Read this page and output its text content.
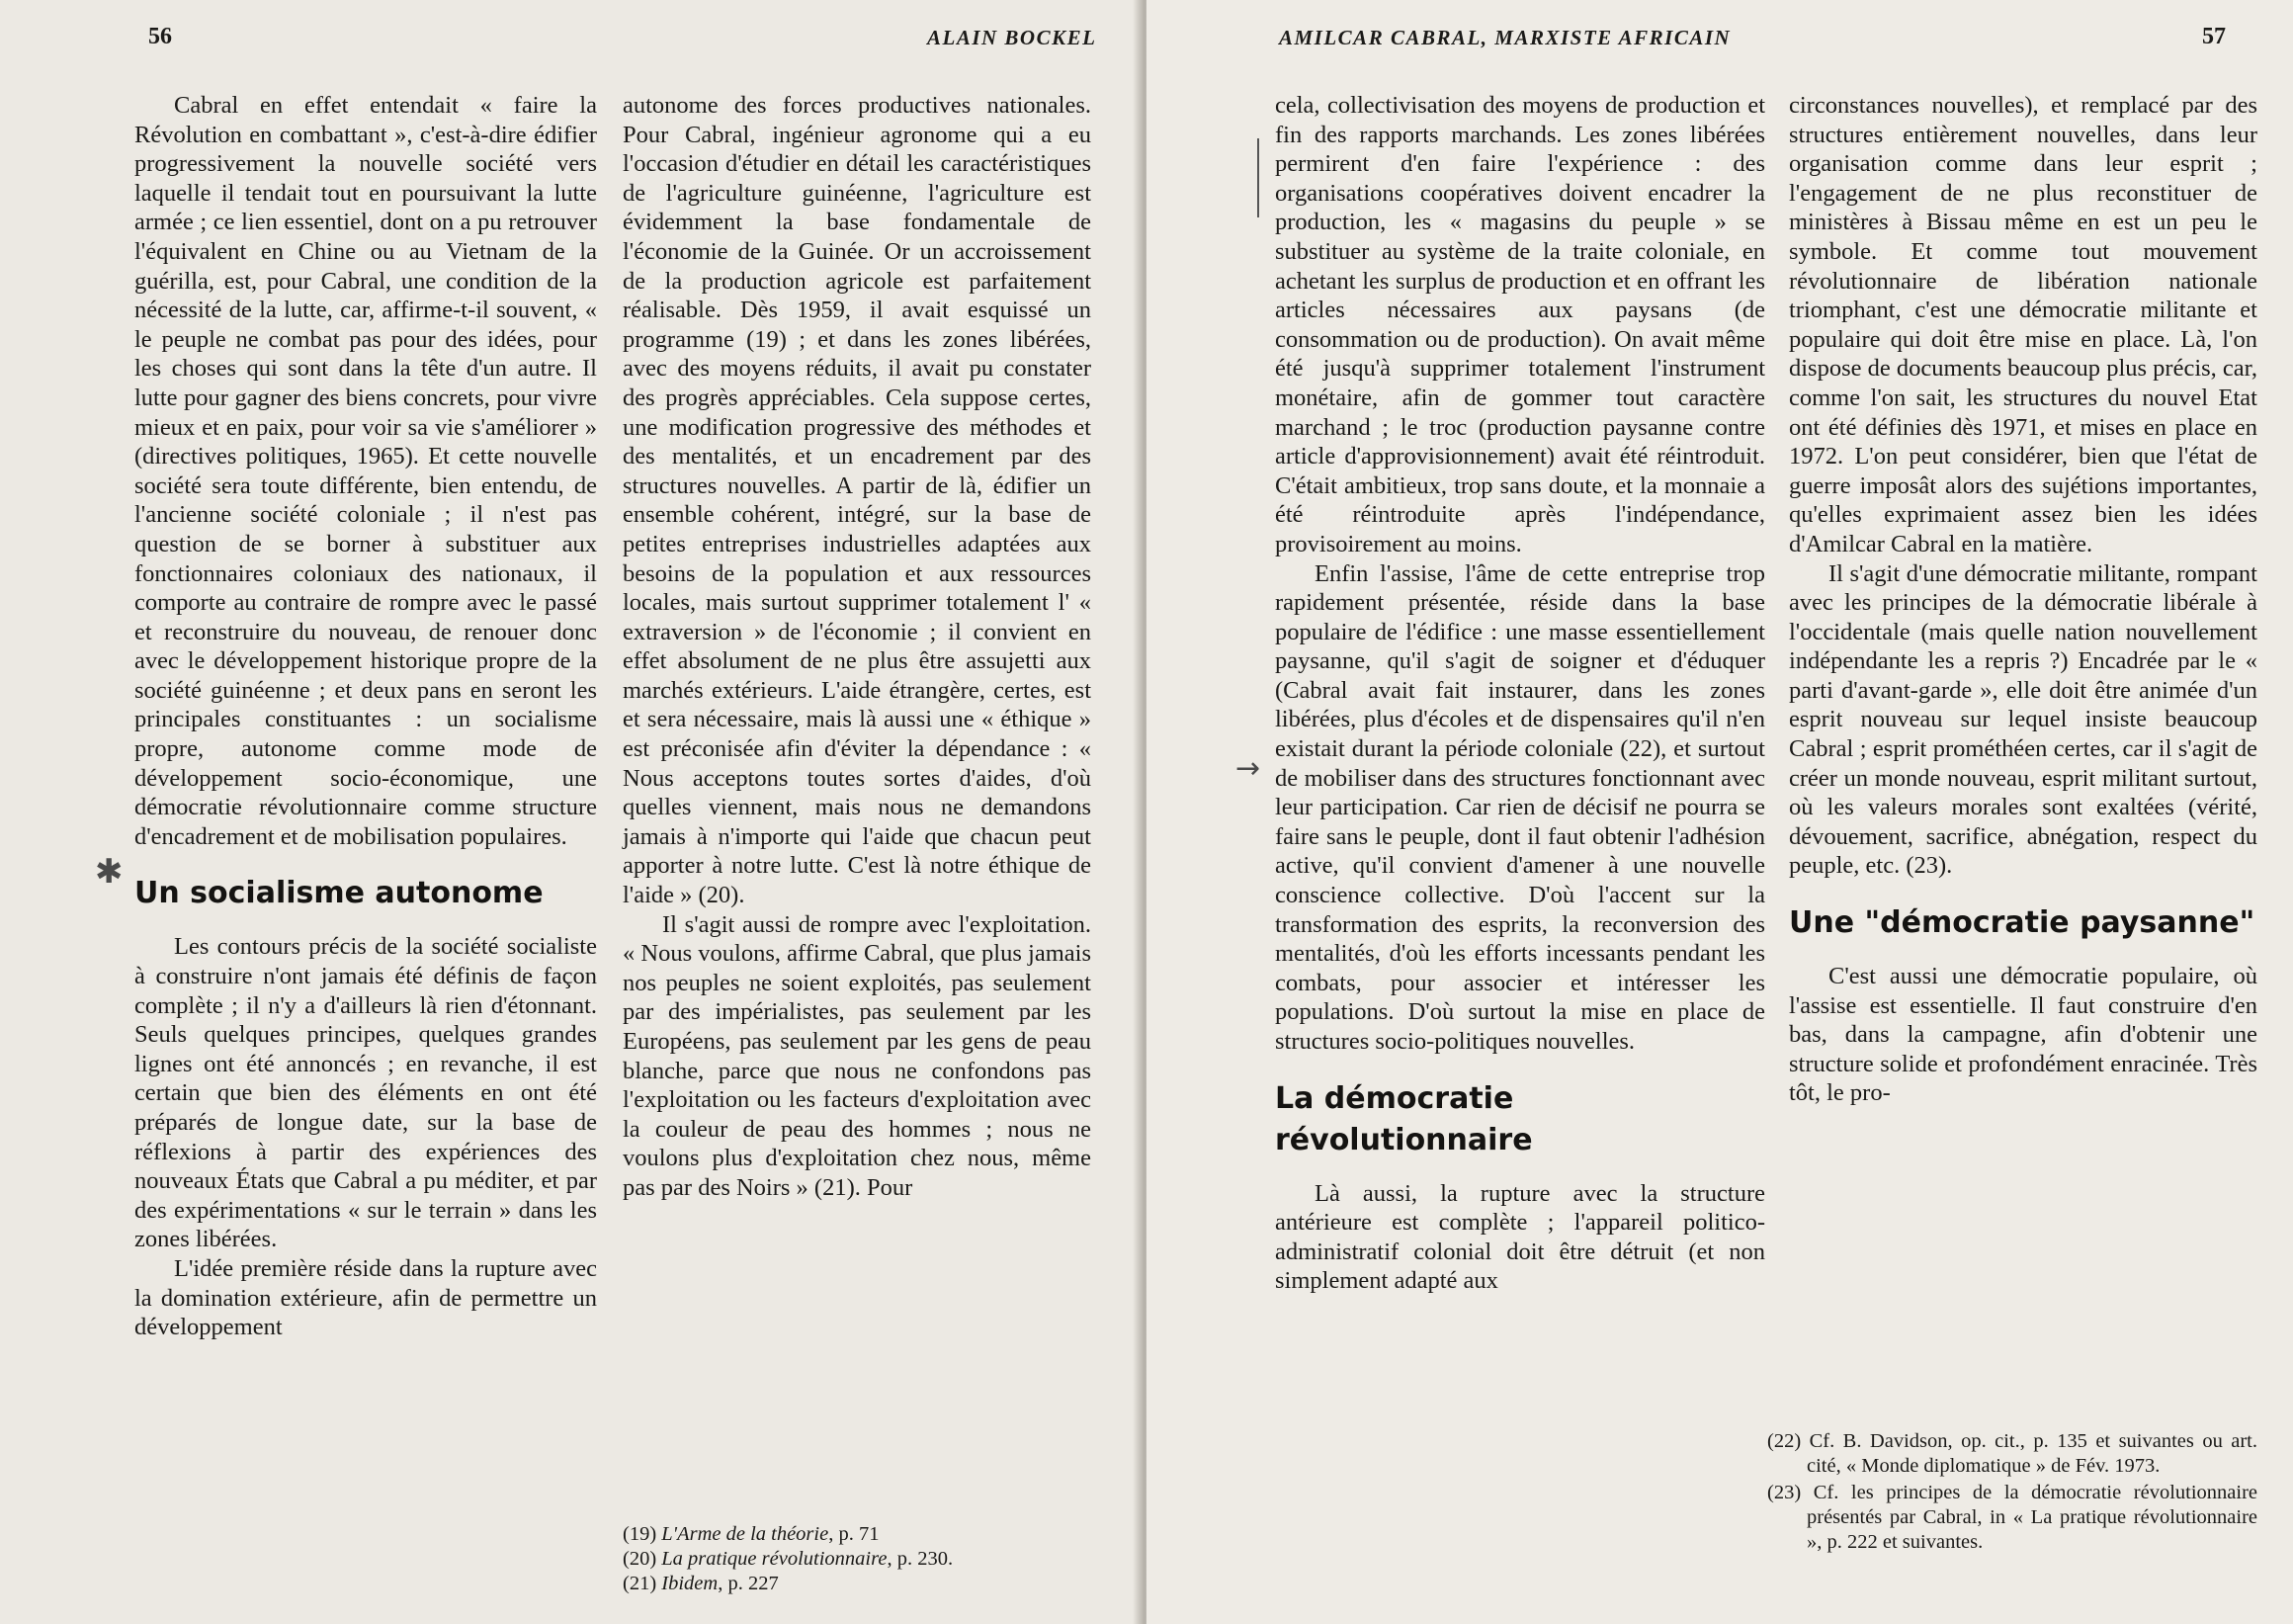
56	ALAIN BOCKEL

Cabral en effet entendait « faire la Révolution en combattant », c'est-à-dire édifier progressivement la nouvelle société vers laquelle il tendait tout en poursuivant la lutte armée ; ce lien essentiel, dont on a pu retrouver l'équivalent en Chine ou au Vietnam de la guérilla, est, pour Cabral, une condition de la nécessité de la lutte, car, affirme-t-il souvent, « le peuple ne combat pas pour des idées, pour les choses qui sont dans la tête d'un autre. Il lutte pour gagner des biens concrets, pour vivre mieux et en paix, pour voir sa vie s'améliorer » (directives politiques, 1965). Et cette nouvelle société sera toute différente, bien entendu, de l'ancienne société coloniale ; il n'est pas question de se borner à substituer aux fonctionnaires coloniaux des nationaux, il comporte au contraire de rompre avec le passé et reconstruire du nouveau, de renouer donc avec le développement historique propre de la société guinéenne ; et deux pans en seront les principales constituantes : un socialisme propre, autonome comme mode de développement socio-économique, une démocratie révolutionnaire comme structure d'encadrement et de mobilisation populaires.

Un socialisme autonome

Les contours précis de la société socialiste à construire n'ont jamais été définis de façon complète ; il n'y a d'ailleurs là rien d'étonnant. Seuls quelques principes, quelques grandes lignes ont été annoncés ; en revanche, il est certain que bien des éléments en ont été préparés de longue date, sur la base de réflexions à partir des expériences des nouveaux États que Cabral a pu méditer, et par des expérimentations « sur le terrain » dans les zones libérées.

L'idée première réside dans la rupture avec la domination extérieure, afin de permettre un développement

autonome des forces productives nationales. Pour Cabral, ingénieur agronome qui a eu l'occasion d'étudier en détail les caractéristiques de l'agriculture guinéenne, l'agriculture est évidemment la base fondamentale de l'économie de la Guinée. Or un accroissement de la production agricole est parfaitement réalisable. Dès 1959, il avait esquissé un programme (19) ; et dans les zones libérées, avec des moyens réduits, il avait pu constater des progrès appréciables. Cela suppose certes, une modification progressive des méthodes et des mentalités, et un encadrement par des structures nouvelles. A partir de là, édifier un ensemble cohérent, intégré, sur la base de petites entreprises industrielles adaptées aux besoins de la population et aux ressources locales, mais surtout supprimer totalement l' « extraversion » de l'économie ; il convient en effet absolument de ne plus être assujetti aux marchés extérieurs. L'aide étrangère, certes, est et sera nécessaire, mais là aussi une « éthique » est préconisée afin d'éviter la dépendance : « Nous acceptons toutes sortes d'aides, d'où quelles viennent, mais nous ne demandons jamais à n'importe qui l'aide que chacun peut apporter à notre lutte. C'est là notre éthique de l'aide » (20).

Il s'agit aussi de rompre avec l'exploitation. « Nous voulons, affirme Cabral, que plus jamais nos peuples ne soient exploités, pas seulement par des impérialistes, pas seulement par les Européens, pas seulement par les gens de peau blanche, parce que nous ne confondons pas l'exploitation ou les facteurs d'exploitation avec la couleur de peau des hommes ; nous ne voulons plus d'exploitation chez nous, même pas par des Noirs » (21). Pour

(19) L'Arme de la théorie, p. 71
(20) La pratique révolutionnaire, p. 230.
(21) Ibidem, p. 227
✱
57
AMILCAR CABRAL, MARXISTE AFRICAIN

cela, collectivisation des moyens de production et fin des rapports marchands. Les zones libérées permirent d'en faire l'expérience : des organisations coopératives doivent encadrer la production, les « magasins du peuple » se substituer au système de la traite coloniale, en achetant les surplus de production et en offrant les articles nécessaires aux paysans (de consommation ou de production). On avait même été jusqu'à supprimer totalement l'instrument monétaire, afin de gommer tout caractère marchand ; le troc (production paysanne contre article d'approvisionnement) avait été réintroduit. C'était ambitieux, trop sans doute, et la monnaie a été réintroduite après l'indépendance, provisoirement au moins.

Enfin l'assise, l'âme de cette entreprise trop rapidement présentée, réside dans la base populaire de l'édifice : une masse essentiellement paysanne, qu'il s'agit de soigner et d'éduquer (Cabral avait fait instaurer, dans les zones libérées, plus d'écoles et de dispensaires qu'il n'en existait durant la période coloniale (22), et surtout de mobiliser dans des structures fonctionnant avec leur participation. Car rien de décisif ne pourra se faire sans le peuple, dont il faut obtenir l'adhésion active, qu'il convient d'amener à une nouvelle conscience collective. D'où l'accent sur la transformation des esprits, la reconversion des mentalités, d'où les efforts incessants pendant les combats, pour associer et intéresser les populations. D'où surtout la mise en place de structures socio-politiques nouvelles.

La démocratie révolutionnaire

Là aussi, la rupture avec la structure antérieure est complète ; l'appareil politico-administratif colonial doit être détruit (et non simplement adapté aux

circonstances nouvelles), et remplacé par des structures entièrement nouvelles, dans leur organisation comme dans leur esprit ; l'engagement de ne plus reconstituer de ministères à Bissau même en est un peu le symbole. Et comme tout mouvement révolutionnaire de libération nationale triomphant, c'est une démocratie militante et populaire qui doit être mise en place. Là, l'on dispose de documents beaucoup plus précis, car, comme l'on sait, les structures du nouvel Etat ont été définies dès 1971, et mises en place en 1972. L'on peut considérer, bien que l'état de guerre imposât alors des sujétions importantes, qu'elles exprimaient assez bien les idées d'Amilcar Cabral en la matière.

Il s'agit d'une démocratie militante, rompant avec les principes de la démocratie libérale à l'occidentale (mais quelle nation nouvellement indépendante les a repris ?) Encadrée par le « parti d'avant-garde », elle doit être animée d'un esprit nouveau sur lequel insiste beaucoup Cabral ; esprit prométhéen certes, car il s'agit de créer un monde nouveau, esprit militant surtout, où les valeurs morales sont exaltées (vérité, dévouement, sacrifice, abnégation, respect du peuple, etc. (23).

Une "démocratie paysanne"

C'est aussi une démocratie populaire, où l'assise est essentielle. Il faut construire d'en bas, dans la campagne, afin d'obtenir une structure solide et profondément enracinée. Très tôt, le pro-

(22) Cf. B. Davidson, op. cit., p. 135 et suivantes ou art. cité, « Monde diplomatique » de Fév. 1973.
(23) Cf. les principes de la démocratie révolutionnaire présentés par Cabral, in « La pratique révolutionnaire », p. 222 et suivantes.
→
